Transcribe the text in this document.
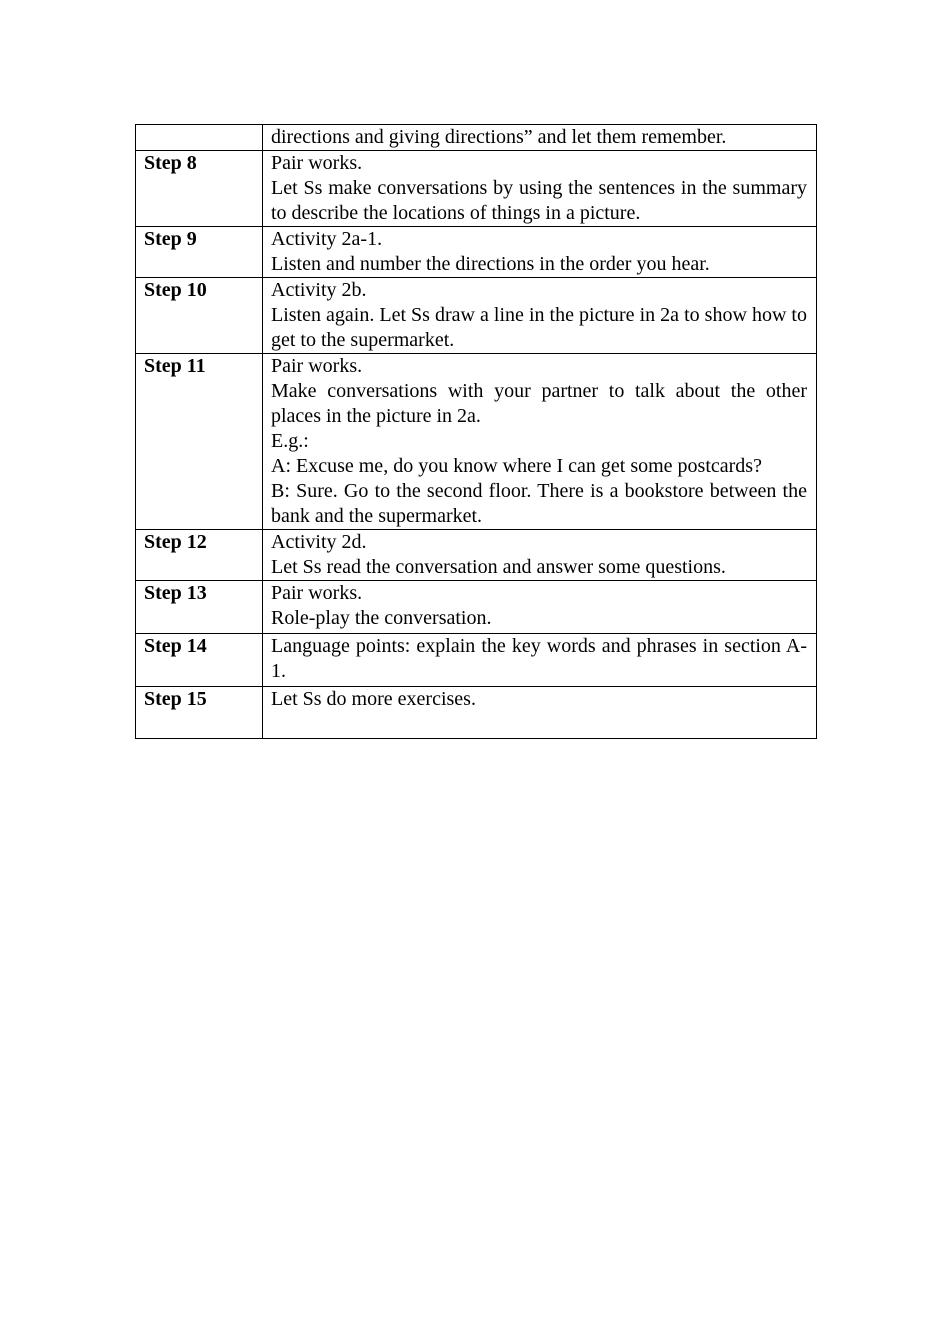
	directions and giving directions” and let them remember.

Step 8	Pair works.
Let Ss make conversations by using the sentences in the summary to describe the locations of things in a picture.

Step 9	Activity 2a-1.
Listen and number the directions in the order you hear.

Step 10	Activity 2b.
Listen again. Let Ss draw a line in the picture in 2a to show how to get to the supermarket.

Step 11	Pair works.
Make conversations with your partner to talk about the other places in the picture in 2a.
E.g.:
A: Excuse me, do you know where I can get some postcards?
B: Sure. Go to the second floor. There is a bookstore between the bank and the supermarket.

Step 12	Activity 2d.
Let Ss read the conversation and answer some questions.

Step 13	Pair works.
Role-play the conversation.

Step 14	Language points: explain the key words and phrases in section A-1.

Step 15	Let Ss do more exercises.
